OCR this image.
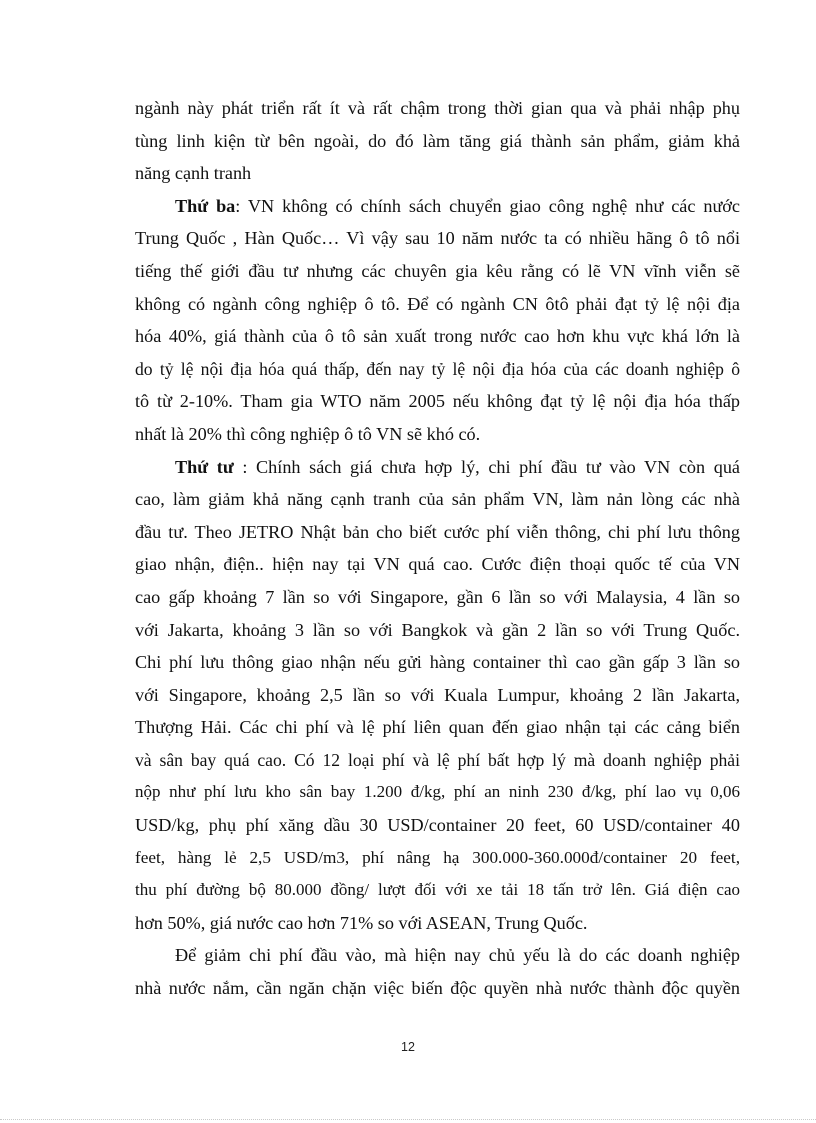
ngành này phát triển rất ít và rất chậm trong thời gian qua và phải nhập phụ
tùng linh kiện từ bên ngoài, do đó làm tăng giá thành sản phẩm, giảm khả
năng cạnh tranh
Thứ ba: VN không có chính sách chuyển giao công nghệ như các nước
Trung Quốc , Hàn Quốc… Vì vậy sau 10 năm nước ta có nhiều hãng ô tô nổi
tiếng thế giới đầu tư nhưng các chuyên gia kêu rằng có lẽ VN vĩnh viễn sẽ
không có ngành công nghiệp ô tô. Để có ngành CN ôtô phải đạt tỷ lệ nội địa
hóa 40%, giá thành của ô tô sản xuất trong nước cao hơn khu vực khá lớn là
do tỷ lệ nội địa hóa quá thấp, đến nay tỷ lệ nội địa hóa của các doanh nghiệp ô
tô từ 2-10%. Tham gia WTO năm 2005 nếu không đạt tỷ lệ nội địa hóa thấp
nhất là 20% thì công nghiệp ô tô VN sẽ khó có.
Thứ tư : Chính sách giá chưa hợp lý, chi phí đầu tư vào VN còn quá
cao, làm giảm khả năng cạnh tranh của sản phẩm VN, làm nản lòng các nhà
đầu tư. Theo JETRO Nhật bản cho biết cước phí viễn thông, chi phí lưu thông
giao nhận, điện.. hiện nay tại VN quá cao. Cước điện thoại quốc tế của VN
cao gấp khoảng 7 lần so với Singapore, gần 6 lần so với Malaysia, 4 lần so
với Jakarta, khoảng 3 lần so với Bangkok và gần 2 lần so với Trung Quốc.
Chi phí lưu thông giao nhận nếu gửi hàng container thì cao gần gấp 3 lần so
với Singapore, khoảng 2,5 lần so với Kuala Lumpur, khoảng 2 lần Jakarta,
Thượng Hải. Các chi phí và lệ phí liên quan đến giao nhận tại các cảng biển
và sân bay quá cao. Có 12 loại phí và lệ phí bất hợp lý mà doanh nghiệp phải
nộp như phí lưu kho sân bay 1.200 đ/kg, phí an ninh 230 đ/kg, phí lao vụ 0,06
USD/kg, phụ phí xăng dầu 30 USD/container 20 feet, 60 USD/container 40
feet, hàng lẻ 2,5 USD/m3, phí nâng hạ 300.000-360.000đ/container 20 feet,
thu phí đường bộ 80.000 đồng/ lượt đối với xe tải 18 tấn trở lên. Giá điện cao
hơn 50%, giá nước cao hơn 71% so với ASEAN, Trung Quốc.
Để giảm chi phí đầu vào, mà hiện nay chủ yếu là do các doanh nghiệp
nhà nước nắm, cần ngăn chặn việc biến độc quyền nhà nước thành độc quyền
12
